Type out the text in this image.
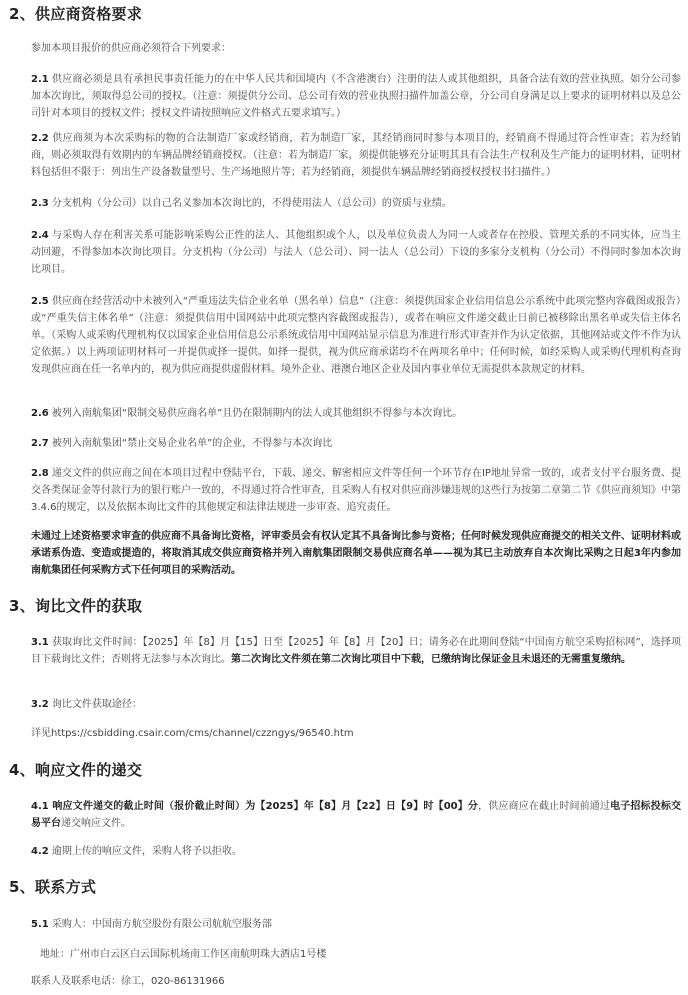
2、供应商资格要求

参加本项目报价的供应商必须符合下列要求：

2.1 供应商必须是具有承担民事责任能力的在中华人民共和国境内（不含港澳台）注册的法人或其他组织，具备合法有效的营业执照。如分公司参加本次询比，须取得总公司的授权。（注意：须提供分公司、总公司有效的营业执照扫描件加盖公章，分公司自身满足以上要求的证明材料以及总公司针对本项目的授权文件；授权文件请按照响应文件格式五要求填写。）

2.2 供应商须为本次采购标的物的合法制造厂家或经销商，若为制造厂家，其经销商同时参与本项目的，经销商不得通过符合性审查；若为经销商，则必须取得有效期内的车辆品牌经销商授权。（注意：若为制造厂家，须提供能够充分证明其具有合法生产权利及生产能力的证明材料，证明材料包括但不限于：列出生产设备数量型号、生产场地照片等；若为经销商，须提供车辆品牌经销商授权授权书扫描件。）

2.3 分支机构（分公司）以自己名义参加本次询比的，不得使用法人（总公司）的资质与业绩。

2.4 与采购人存在利害关系可能影响采购公正性的法人、其他组织或个人，以及单位负责人为同一人或者存在控股、管理关系的不同实体，应当主动回避，不得参加本次询比项目。分支机构（分公司）与法人（总公司）、同一法人（总公司）下设的多家分支机构（分公司）不得同时参加本次询比项目。

2.5 供应商在经营活动中未被列入“严重违法失信企业名单（黑名单）信息”（注意：须提供国家企业信用信息公示系统中此项完整内容截图或报告）或“严重失信主体名单”（注意：须提供信用中国网站中此项完整内容截图或报告），或者在响应文件递交截止日前已被移除出黑名单或失信主体名单。（采购人或采购代理机构仅以国家企业信用信息公示系统或信用中国网站显示信息为准进行形式审查并作为认定依据，其他网站或文件不作为认定依据。）以上两项证明材料可一并提供或择一提供。如择一提供，视为供应商承诺均不在两项名单中；任何时候，如经采购人或采购代理机构查询发现供应商在任一名单内的，视为供应商提供虚假材料。境外企业、港澳台地区企业及国内事业单位无需提供本款规定的材料。

2.6 被列入南航集团“限制交易供应商名单”且仍在限制期内的法人或其他组织不得参与本次询比。

2.7 被列入南航集团“禁止交易企业名单”的企业，不得参与本次询比

2.8 递交文件的供应商之间在本项目过程中登陆平台，下载、递交、解密相应文件等任何一个环节存在IP地址异常一致的，或者支付平台服务费、提交各类保证金等付款行为的银行账户一致的，不得通过符合性审查，且采购人有权对供应商涉嫌违规的这些行为按第二章第二节《供应商须知》中第3.4.6的规定，以及依据本询比文件的其他规定和法律法规进一步审查、追究责任。

未通过上述资格要求审查的供应商不具备询比资格，评审委员会有权认定其不具备询比参与资格；任何时候发现供应商提交的相关文件、证明材料或承诺系伪造、变造或提造的，将取消其成交供应商资格并列入南航集团限制交易供应商名单——视为其已主动放弃自本次询比采购之日起3年内参加南航集团任何采购方式下任何项目的采购活动。

3、询比文件的获取

3.1 获取询比文件时间：【2025】年【8】月【15】日至【2025】年【8】月【20】日；请务必在此期间登陆“中国南方航空采购招标网”，选择项目下载询比文件；否则将无法参与本次询比。第二次询比文件须在第二次询比项目中下载，已缴纳询比保证金且未退还的无需重复缴纳。

3.2 询比文件获取途径：

详见https://csbidding.csair.com/cms/channel/czzngys/96540.htm

4、响应文件的递交

4.1 响应文件递交的截止时间（报价截止时间）为【2025】年【8】月【22】日【9】时【00】分，供应商应在截止时间前通过电子招标投标交易平台递交响应文件。

4.2 逾期上传的响应文件，采购人将予以拒收。

5、联系方式

5.1 采购人：中国南方航空股份有限公司航航空服务部

地址：广州市白云区白云国际机场南工作区南航明珠大酒店1号楼

联系人及联系电话：徐工，020-86131966
